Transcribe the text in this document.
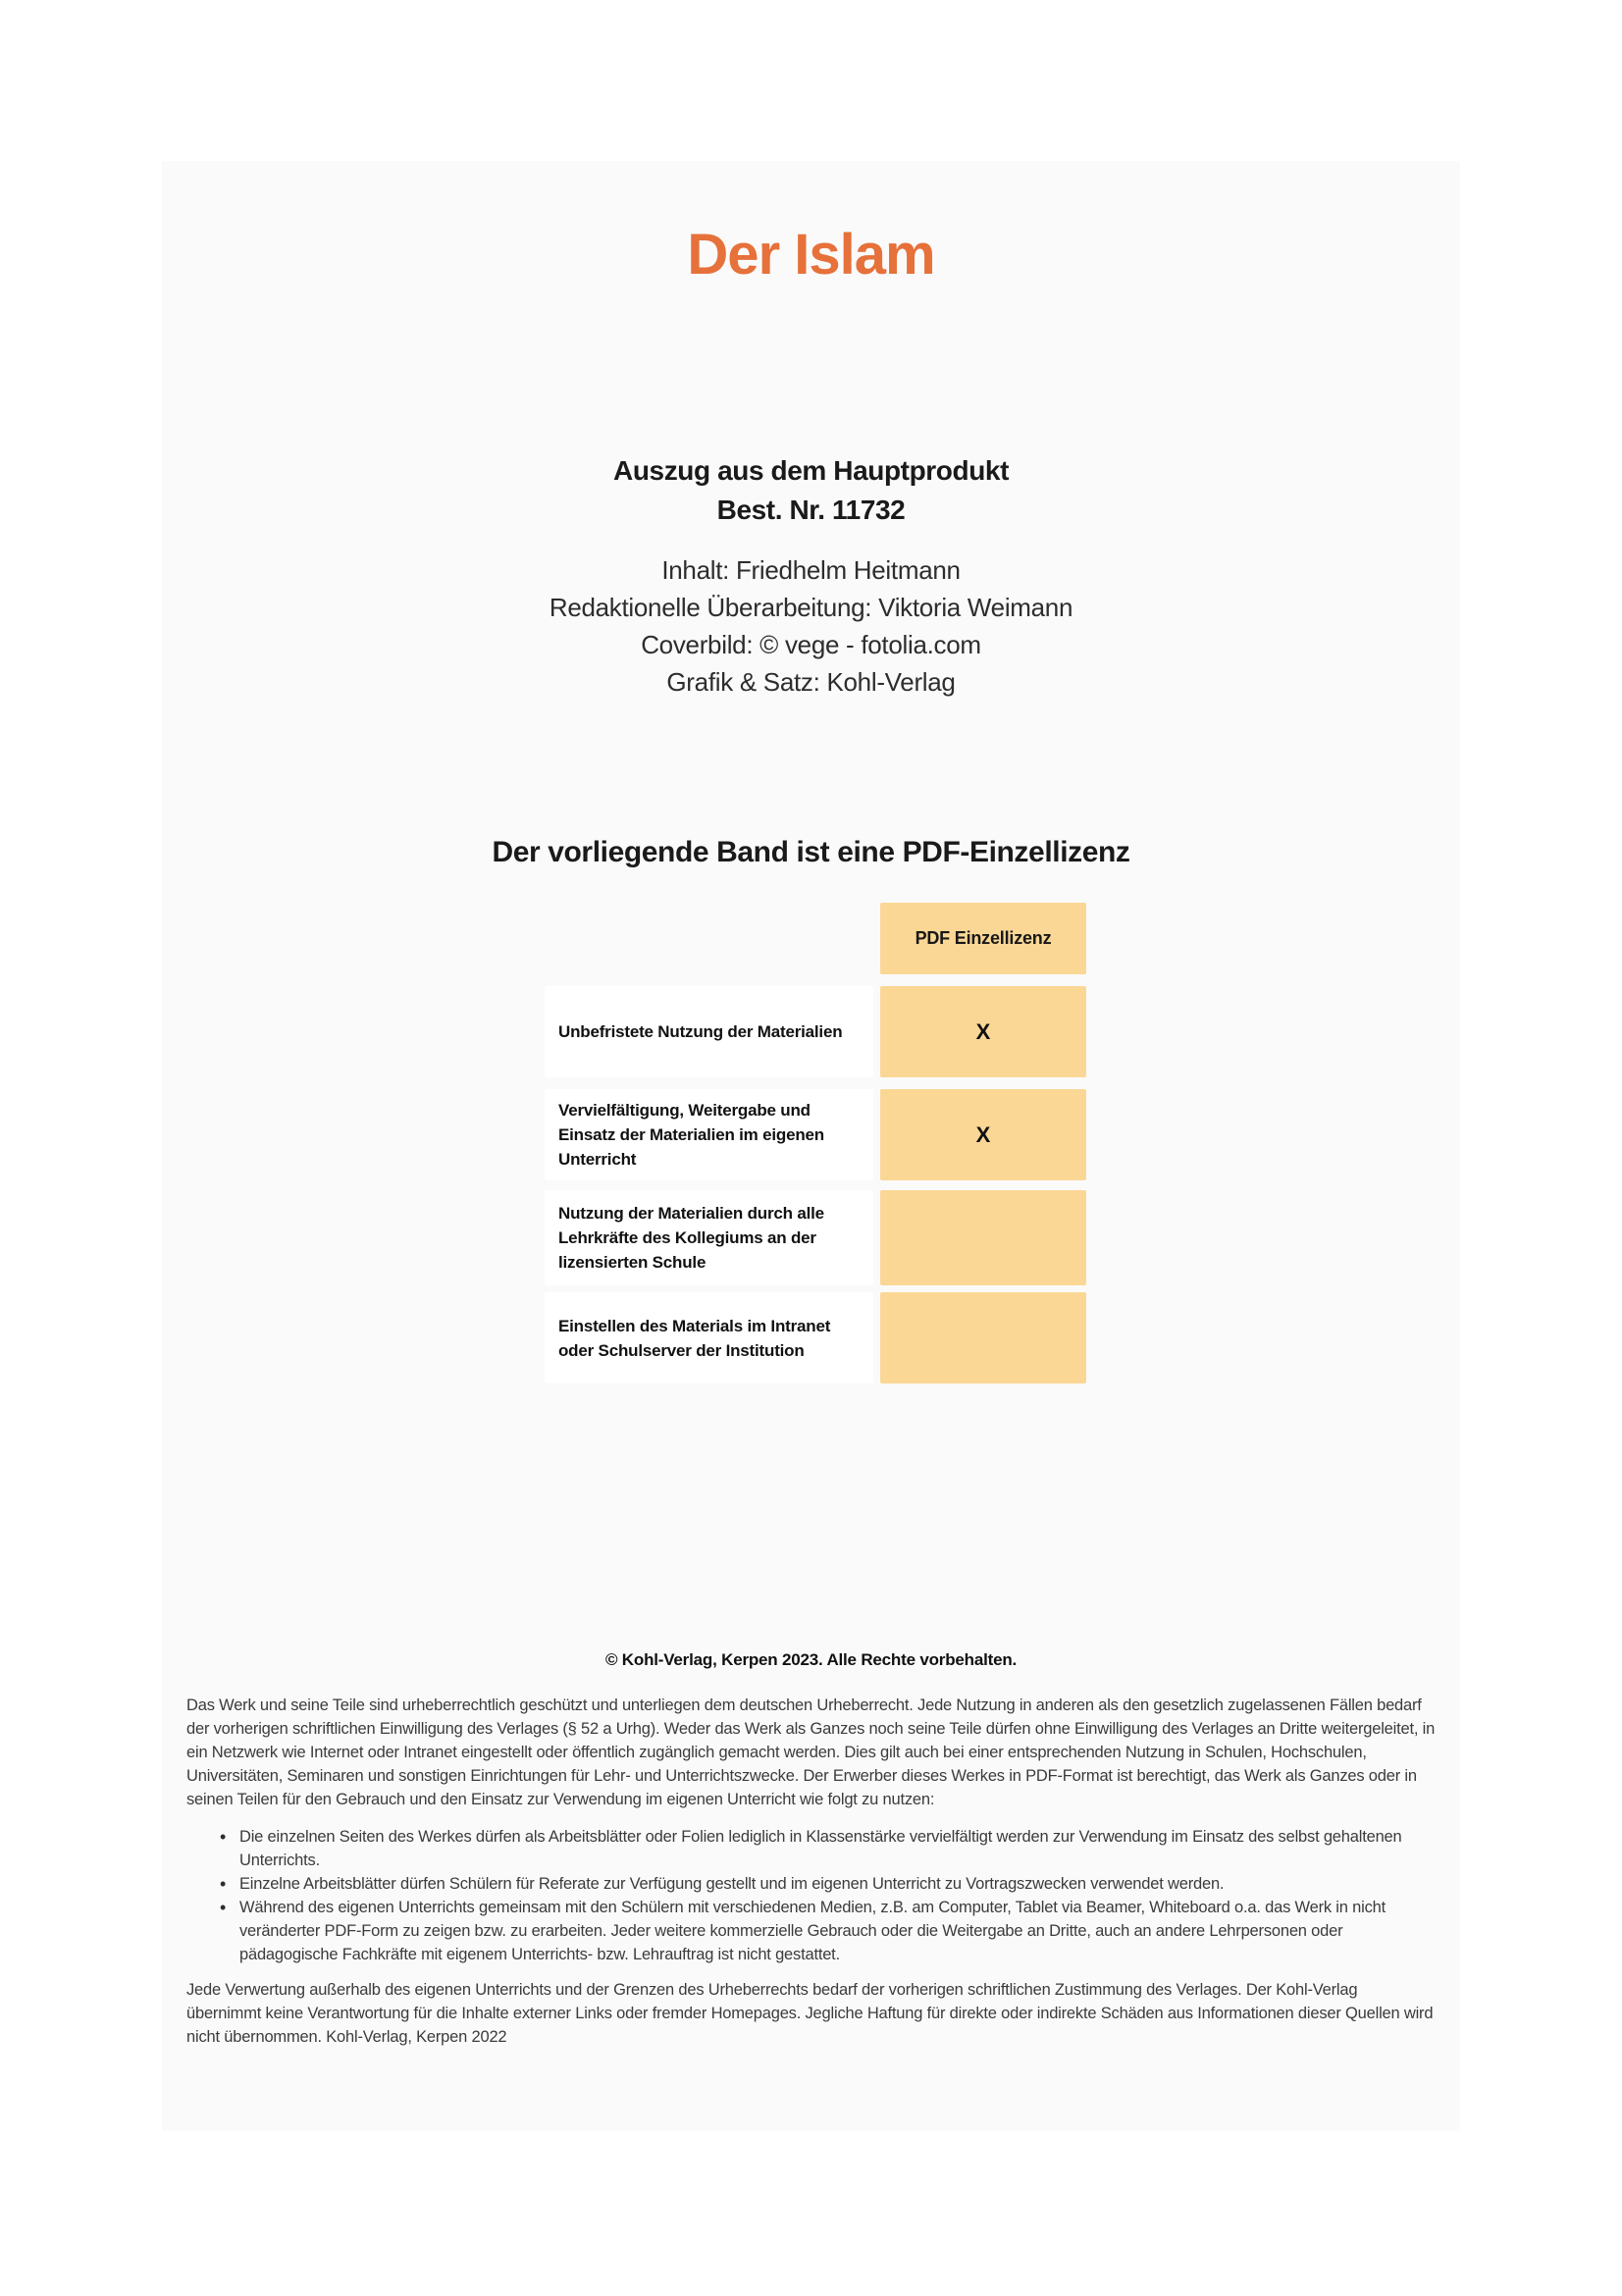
Der Islam
Auszug aus dem Hauptprodukt
Best. Nr. 11732
Inhalt: Friedhelm Heitmann
Redaktionelle Überarbeitung: Viktoria Weimann
Coverbild: © vege - fotolia.com
Grafik & Satz: Kohl-Verlag
Der vorliegende Band ist eine PDF-Einzellizenz
PDF Einzellizenz
Unbefristete Nutzung der Materialien	X
Vervielfältigung, Weitergabe und Einsatz der Materialien im eigenen Unterricht
X
Nutzung der Materialien durch alle Lehrkräfte des Kollegiums an der lizensierten Schule
Einstellen des Materials im Intranet oder Schulserver der Institution
© Kohl-Verlag, Kerpen 2023. Alle Rechte vorbehalten.

Das Werk und seine Teile sind urheberrechtlich geschützt und unterliegen dem deutschen Urheberrecht. Jede Nutzung in anderen als den gesetzlich zugelassenen Fällen bedarf der vorherigen schriftlichen Einwilligung des Verlages (§ 52 a Urhg). Weder das Werk als Ganzes noch seine Teile dürfen ohne Einwilligung des Verlages an Dritte weitergeleitet, in ein Netzwerk wie Internet oder Intranet eingestellt oder öffentlich zugänglich gemacht werden. Dies gilt auch bei einer entsprechenden Nutzung in Schulen, Hochschulen, Universitäten, Seminaren und sonstigen Einrichtungen für Lehr- und Unterrichtszwecke. Der Erwerber dieses Werkes in PDF-Format ist berechtigt, das Werk als Ganzes oder in seinen Teilen für den Gebrauch und den Einsatz zur Verwendung im eigenen Unterricht wie folgt zu nutzen:

• Die einzelnen Seiten des Werkes dürfen als Arbeitsblätter oder Folien lediglich in Klassenstärke vervielfältigt werden zur Verwendung im Einsatz des selbst gehaltenen Unterrichts.
• Einzelne Arbeitsblätter dürfen Schülern für Referate zur Verfügung gestellt und im eigenen Unterricht zu Vortragszwecken verwendet werden.
• Während des eigenen Unterrichts gemeinsam mit den Schülern mit verschiedenen Medien, z.B. am Computer, Tablet via Beamer, Whiteboard o.a. das Werk in nicht veränderter PDF-Form zu zeigen bzw. zu erarbeiten. Jeder weitere kommerzielle Gebrauch oder die Weitergabe an Dritte, auch an andere Lehrpersonen oder pädagogische Fachkräfte mit eigenem Unterrichts- bzw. Lehrauftrag ist nicht gestattet.

Jede Verwertung außerhalb des eigenen Unterrichts und der Grenzen des Urheberrechts bedarf der vorherigen schriftlichen Zustimmung des Verlages. Der Kohl-Verlag übernimmt keine Verantwortung für die Inhalte externer Links oder fremder Homepages. Jegliche Haftung für direkte oder indirekte Schäden aus Informationen dieser Quellen wird nicht übernommen. Kohl-Verlag, Kerpen 2022
